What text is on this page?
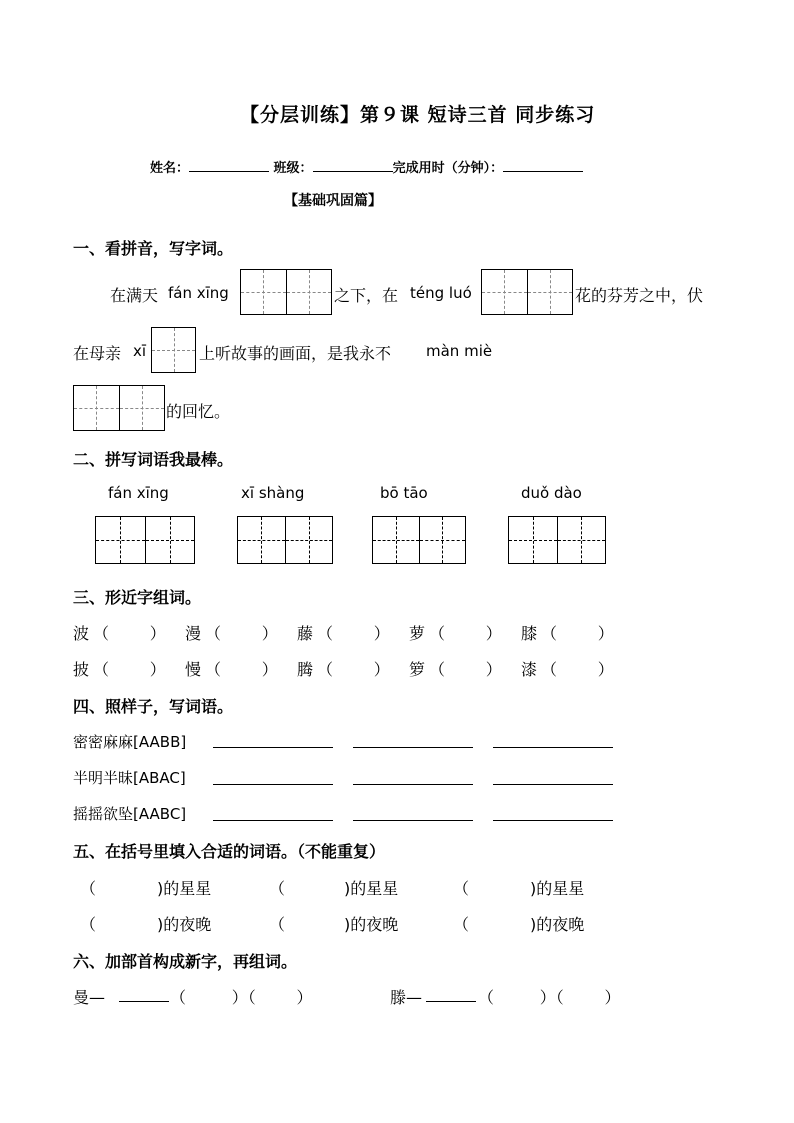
【分层训练】第９课 短诗三首 同步练习
姓名：	班级：	完成用时（分钟）：
【基础巩固篇】
一、看拼音，写字词。
在满天 fán xīng	之下，在 téng luó	花的芬芳之中，伏
在母亲 xī	上听故事的画面，是我永不 màn miè
的回忆。
二、拼写词语我最棒。
fán xīng	xī shàng	bō tāo	duǒ dào
三、形近字组词。
波 （        ） 漫 （        ） 藤 （        ） 萝 （        ） 膝 （        ）
披 （        ） 慢 （        ） 腾 （        ） 箩 （        ） 漆 （        ）
四、照样子，写词语。
密密麻麻[AABB]
半明半昧[ABAC]
摇摇欲坠[AABC]
五、在括号里填入合适的词语。（不能重复）
（	)的星星	（	)的星星	（	)的星星
（	)的夜晚	（	)的夜晚	（	)的夜晚
六、加部首构成新字，再组词。
曼—	（         ）（        ）	滕—	（         ）（        ）
